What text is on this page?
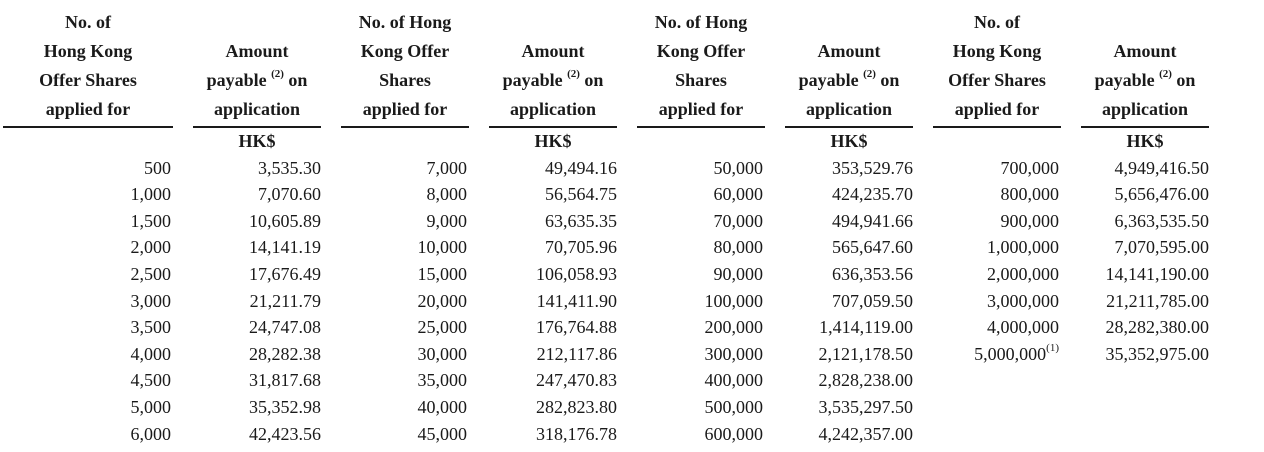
No. of
Hong Kong
Offer Shares
applied for		Amount
payable $^{(2)}$ on
application		No. of Hong
Kong Offer
Shares
applied for		Amount
payable $^{(2)}$ on
application		No. of Hong
Kong Offer
Shares
applied for		Amount
payable $^{(2)}$ on
application		No. of
Hong Kong
Offer Shares
applied for		Amount
payable $^{(2)}$ on
application

		HK$				HK$				HK$				HK$
500		3,535.30		7,000		49,494.16		50,000		353,529.76		700,000		4,949,416.50
1,000		7,070.60		8,000		56,564.75		60,000		424,235.70		800,000		5,656,476.00
1,500		10,605.89		9,000		63,635.35		70,000		494,941.66		900,000		6,363,535.50
2,000		14,141.19		10,000		70,705.96		80,000		565,647.60		1,000,000		7,070,595.00
2,500		17,676.49		15,000		106,058.93		90,000		636,353.56		2,000,000		14,141,190.00
3,000		21,211.79		20,000		141,411.90		100,000		707,059.50		3,000,000		21,211,785.00
3,500		24,747.08		25,000		176,764.88		200,000		1,414,119.00		4,000,000		28,282,380.00
4,000		28,282.38		30,000		212,117.86		300,000		2,121,178.50		5,000,000$^{(1)}$		35,352,975.00
4,500		31,817.68		35,000		247,470.83		400,000		2,828,238.00				
5,000		35,352.98		40,000		282,823.80		500,000		3,535,297.50				
6,000		42,423.56		45,000		318,176.78		600,000		4,242,357.00				
